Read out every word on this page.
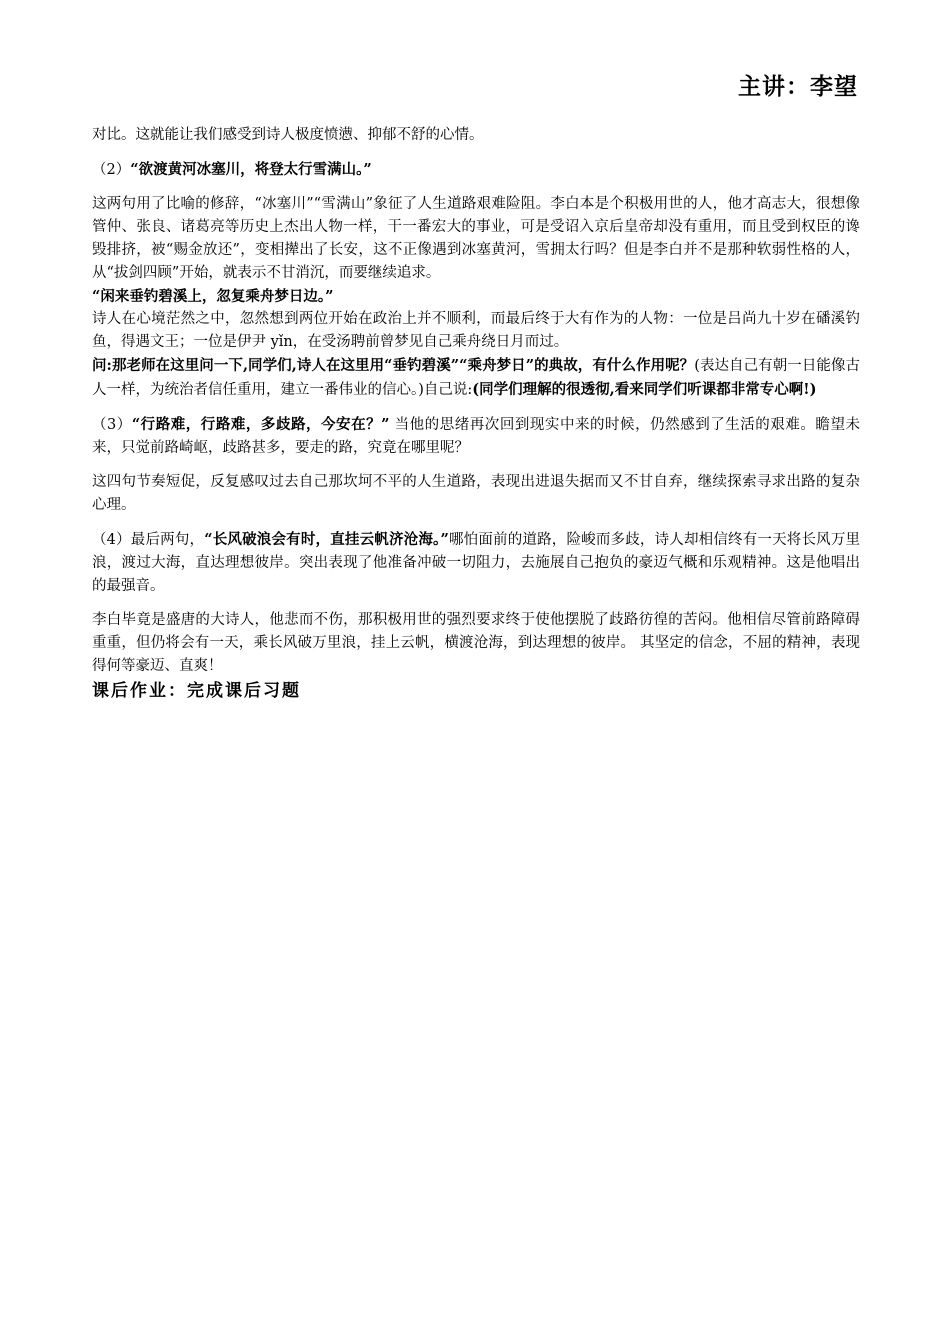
主讲：李望

对比。这就能让我们感受到诗人极度愤懑、抑郁不舒的心情。

（2）“欲渡黄河冰塞川，将登太行雪满山。”

这两句用了比喻的修辞，“冰塞川”“雪满山”象征了人生道路艰难险阻。李白本是个积极用世的人，他才高志大，很想像管仲、张良、诸葛亮等历史上杰出人物一样，干一番宏大的事业，可是受诏入京后皇帝却没有重用，而且受到权臣的谗毁排挤，被“赐金放还”，变相撵出了长安，这不正像遇到冰塞黄河，雪拥太行吗？但是李白并不是那种软弱性格的人，从“拔剑四顾”开始，就表示不甘消沉，而要继续追求。

“闲来垂钓碧溪上，忽复乘舟梦日边。”

诗人在心境茫然之中，忽然想到两位开始在政治上并不顺利，而最后终于大有作为的人物：一位是吕尚九十岁在磻溪钓鱼，得遇文王；一位是伊尹 yǐn，在受汤聘前曾梦见自己乘舟绕日月而过。

问:那老师在这里问一下,同学们,诗人在这里用“垂钓碧溪”“乘舟梦日”的典故，有什么作用呢？(表达自己有朝一日能像古人一样，为统治者信任重用，建立一番伟业的信心。)自己说:(同学们理解的很透彻,看来同学们听课都非常专心啊!)

（3）“行路难，行路难，多歧路，今安在？” 当他的思绪再次回到现实中来的时候，仍然感到了生活的艰难。瞻望未来，只觉前路崎岖，歧路甚多，要走的路，究竟在哪里呢？

这四句节奏短促，反复感叹过去自己那坎坷不平的人生道路，表现出进退失据而又不甘自弃，继续探索寻求出路的复杂心理。

（4）最后两句，“长风破浪会有时，直挂云帆济沧海。”哪怕面前的道路，险峻而多歧，诗人却相信终有一天将长风万里浪，渡过大海，直达理想彼岸。突出表现了他准备冲破一切阻力，去施展自己抱负的豪迈气概和乐观精神。这是他唱出的最强音。

李白毕竟是盛唐的大诗人，他悲而不伤，那积极用世的强烈要求终于使他摆脱了歧路彷徨的苦闷。他相信尽管前路障碍重重，但仍将会有一天，乘长风破万里浪，挂上云帆，横渡沧海，到达理想的彼岸。 其坚定的信念，不屈的精神，表现得何等豪迈、直爽！

课后作业：完成课后习题
